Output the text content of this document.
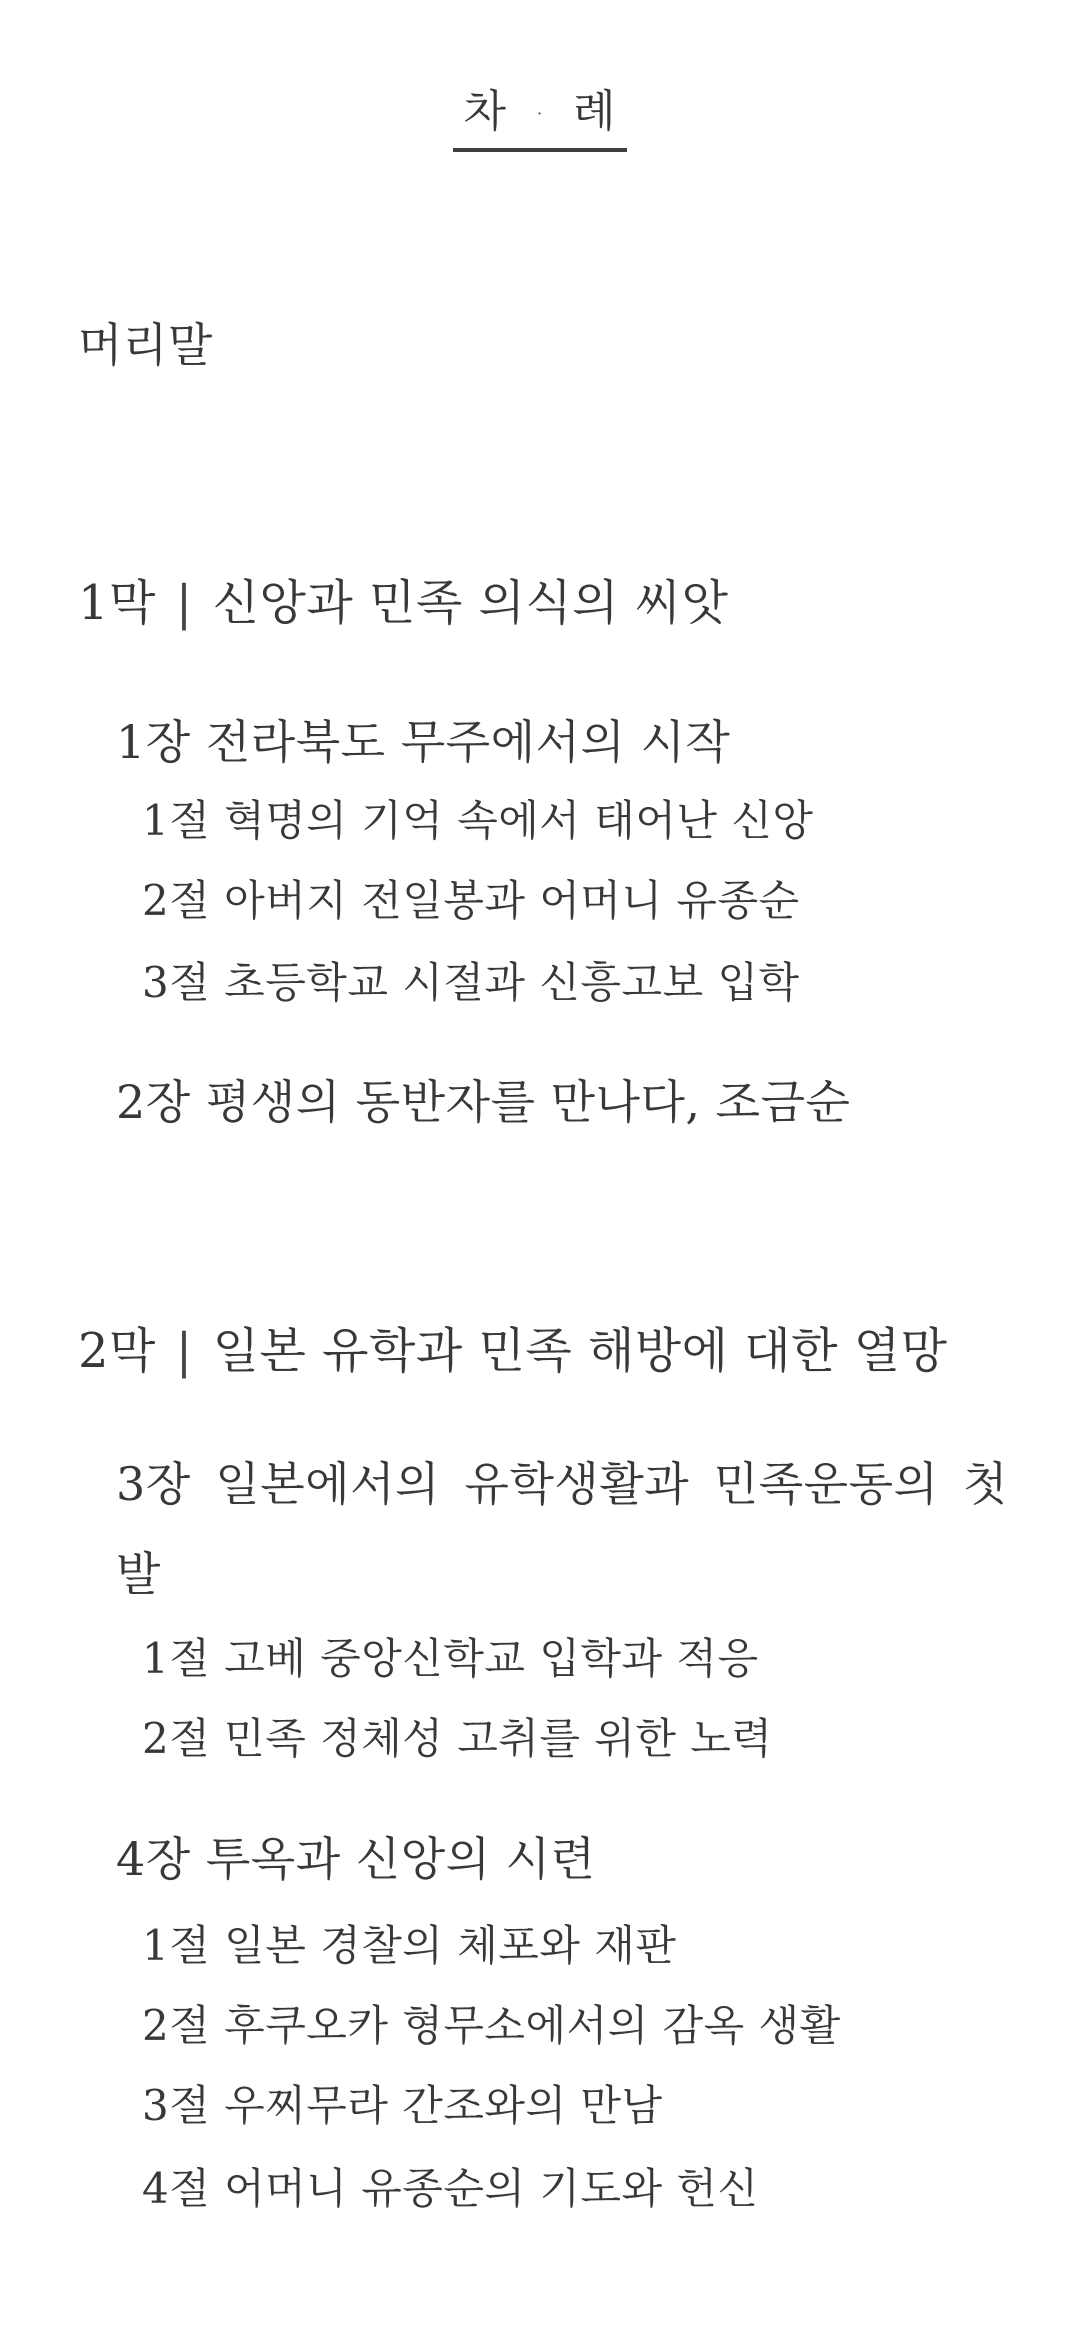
차 · 례
머리말
1막 | 신앙과 민족 의식의 씨앗
1장 전라북도 무주에서의 시작
1절 혁명의 기억 속에서 태어난 신앙
2절 아버지 전일봉과 어머니 유종순
3절 초등학교 시절과 신흥고보 입학
2장 평생의 동반자를 만나다, 조금순
2막 | 일본 유학과 민족 해방에 대한 열망
3장 일본에서의 유학생활과 민족운동의 첫발
1절 고베 중앙신학교 입학과 적응
2절 민족 정체성 고취를 위한 노력
4장 투옥과 신앙의 시련
1절 일본 경찰의 체포와 재판
2절 후쿠오카 형무소에서의 감옥 생활
3절 우찌무라 간조와의 만남
4절 어머니 유종순의 기도와 헌신
